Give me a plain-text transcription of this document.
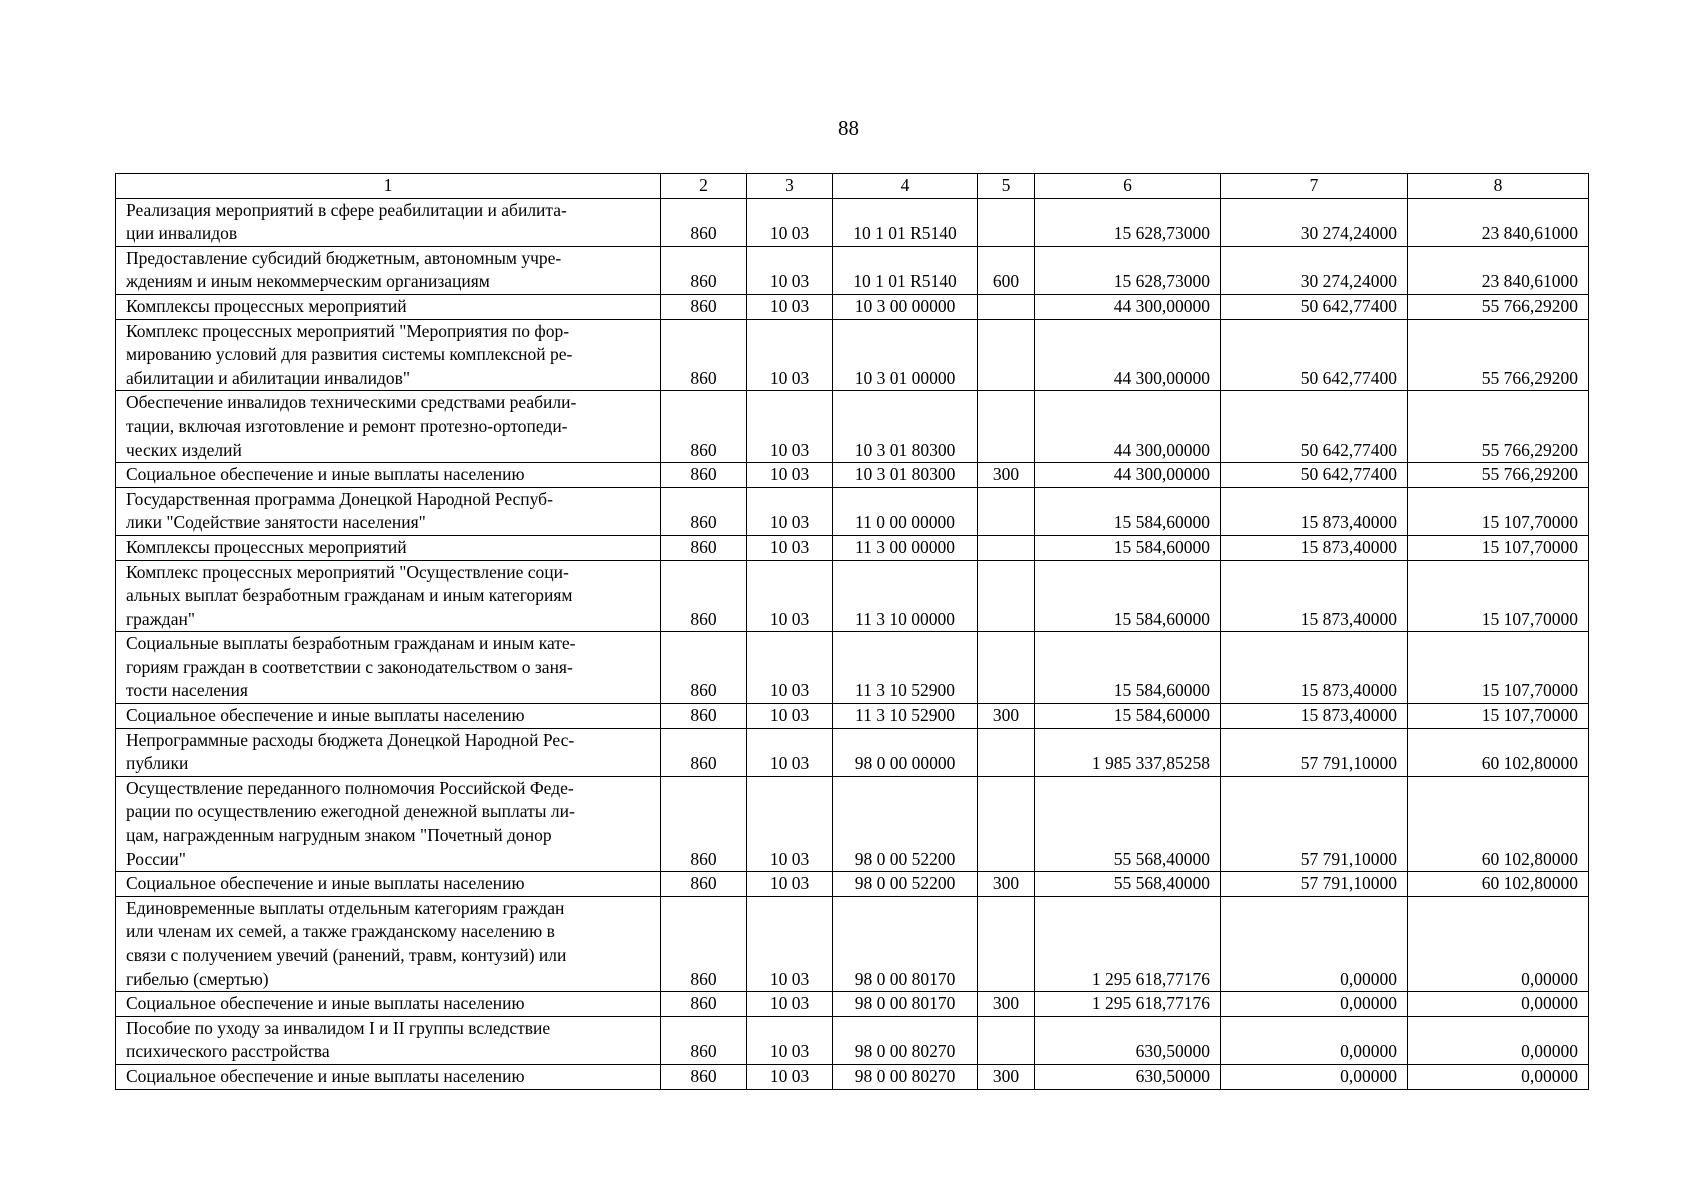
88
1	2	3	4	5	6	7	8

Реализация мероприятий в сфере реабилитации и абилита-
ции инвалидов	860	10 03	10 1 01 R5140		15 628,73000	30 274,24000	23 840,61000

Предоставление субсидий бюджетным, автономным учре-
ждениям и иным некоммерческим организациям	860	10 03	10 1 01 R5140	600	15 628,73000	30 274,24000	23 840,61000

Комплексы процессных мероприятий	860	10 03	10 3 00 00000		44 300,00000	50 642,77400	55 766,29200

Комплекс процессных мероприятий "Мероприятия по фор-
мированию условий для развития системы комплексной ре-
абилитации и абилитации инвалидов"	860	10 03	10 3 01 00000		44 300,00000	50 642,77400	55 766,29200

Обеспечение инвалидов техническими средствами реабили-
тации, включая изготовление и ремонт протезно-ортопеди-
ческих изделий	860	10 03	10 3 01 80300		44 300,00000	50 642,77400	55 766,29200

Социальное обеспечение и иные выплаты населению	860	10 03	10 3 01 80300	300	44 300,00000	50 642,77400	55 766,29200

Государственная программа Донецкой Народной Респуб-
лики "Содействие занятости населения"	860	10 03	11 0 00 00000		15 584,60000	15 873,40000	15 107,70000

Комплексы процессных мероприятий	860	10 03	11 3 00 00000		15 584,60000	15 873,40000	15 107,70000

Комплекс процессных мероприятий "Осуществление соци-
альных выплат безработным гражданам и иным категориям
граждан"	860	10 03	11 3 10 00000		15 584,60000	15 873,40000	15 107,70000

Социальные выплаты безработным гражданам и иным кате-
гориям граждан в соответствии с законодательством о заня-
тости населения	860	10 03	11 3 10 52900		15 584,60000	15 873,40000	15 107,70000

Социальное обеспечение и иные выплаты населению	860	10 03	11 3 10 52900	300	15 584,60000	15 873,40000	15 107,70000

Непрограммные расходы бюджета Донецкой Народной Рес-
публики	860	10 03	98 0 00 00000		1 985 337,85258	57 791,10000	60 102,80000

Осуществление переданного полномочия Российской Феде-
рации по осуществлению ежегодной денежной выплаты ли-
цам, награжденным нагрудным знаком "Почетный донор
России"	860	10 03	98 0 00 52200		55 568,40000	57 791,10000	60 102,80000

Социальное обеспечение и иные выплаты населению	860	10 03	98 0 00 52200	300	55 568,40000	57 791,10000	60 102,80000

Единовременные выплаты отдельным категориям граждан
или членам их семей, а также гражданскому населению в
связи с получением увечий (ранений, травм, контузий) или
гибелью (смертью)	860	10 03	98 0 00 80170		1 295 618,77176	0,00000	0,00000

Социальное обеспечение и иные выплаты населению	860	10 03	98 0 00 80170	300	1 295 618,77176	0,00000	0,00000

Пособие по уходу за инвалидом I и II группы вследствие
психического расстройства	860	10 03	98 0 00 80270		630,50000	0,00000	0,00000

Социальное обеспечение и иные выплаты населению	860	10 03	98 0 00 80270	300	630,50000	0,00000	0,00000
